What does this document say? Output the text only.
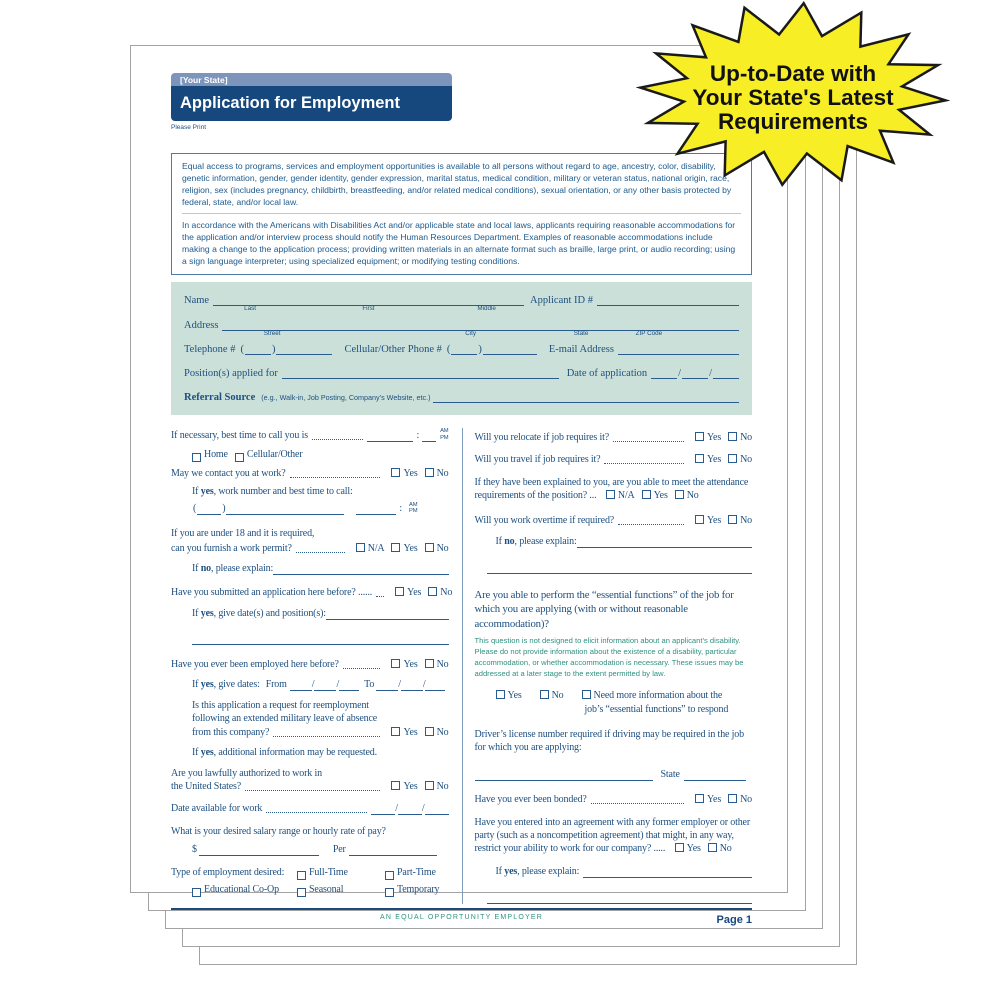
[Your State]
Application for Employment
Please Print
Equal access to programs, services and employment opportunities is available to all persons without regard to age, ancestry, color, disability, genetic information, gender, gender identity, gender expression, marital status, medical condition, military or veteran status, national origin, race, religion, sex (includes pregnancy, childbirth, breastfeeding, and/or related medical conditions), sexual orientation, or any other basis protected by federal, state, and/or local law.
In accordance with the Americans with Disabilities Act and/or applicable state and local laws, applicants requiring reasonable accommodations for the application and/or interview process should notify the Human Resources Department. Examples of reasonable accommodations include making a change to the application process; providing written materials in an alternate format such as braille, large print, or audio recording; using a sign language interpreter; using specialized equipment; or modifying testing conditions.
Name
Last	First	Middle
Applicant ID #
Address
Street	City	State	ZIP Code
Telephone # (	)	Cellular/Other Phone # (	)	E-mail Address
Position(s) applied for	Date of application	/	/
Referral Source (e.g., Walk-in, Job Posting, Company’s Website, etc.)
If necessary, best time to call you is	:	AM
PM
Home Cellular/Other
May we contact you at work?	Yes No
If yes, work number and best time to call:
(	)	:	AM
PM
If you are under 18 and it is required,
can you furnish a work permit?	N/A Yes No
If no, please explain:
Have you submitted an application here before? ......	Yes No
If yes, give date(s) and position(s):
Have you ever been employed here before?	Yes No
If yes, give dates: From	/ /	To / /
Is this application a request for reemployment
following an extended military leave of absence
from this company?	Yes No
If yes, additional information may be requested.
Are you lawfully authorized to work in
the United States?	Yes No
Date available for work	/ /
What is your desired salary range or hourly rate of pay?
$	Per
Type of employment desired:	Full-Time	Part-Time
Educational Co-Op	Seasonal	Temporary
Will you relocate if job requires it?	Yes No
Will you travel if job requires it?	Yes No
If they have been explained to you, are you able to meet the attendance requirements of the position? ... N/A Yes No
Will you work overtime if required?	Yes No
If no, please explain:
Are you able to perform the “essential functions” of the job for which you are applying (with or without reasonable accommodation)?
This question is not designed to elicit information about an applicant’s disability. Please do not provide information about the existence of a disability, particular accommodation, or whether accommodation is necessary. These issues may be addressed at a later stage to the extent permitted by law.
Yes	No	Need more information about the
job’s “essential functions” to respond
Driver’s license number required if driving may be required in the job for which you are applying:
State
Have you ever been bonded?	Yes No
Have you entered into an agreement with any former employer or other party (such as a noncompetition agreement) that might, in any way, restrict your ability to work for our company? ..... Yes No
If yes, please explain:
AN EQUAL OPPORTUNITY EMPLOYER	Page 1
Up-to-Date with
Your State's Latest
Requirements
